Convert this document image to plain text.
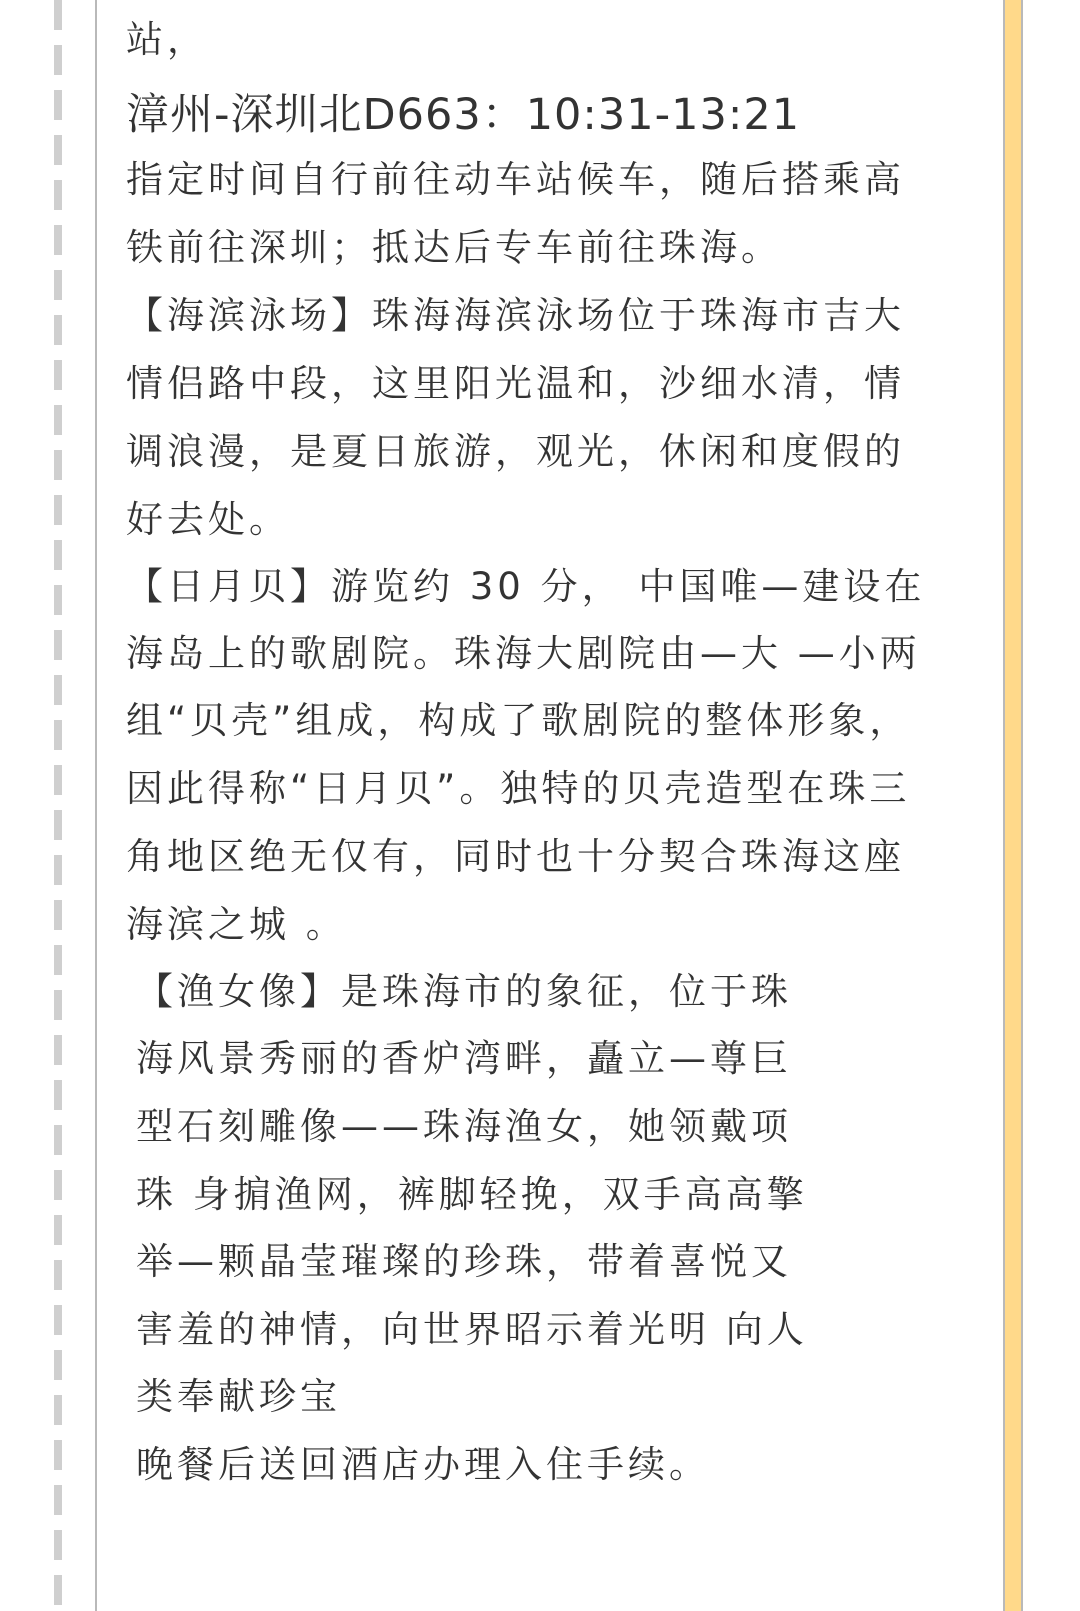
站，
漳州-深圳北D663：10:31-13:21
指定时间自行前往动车站候车，随后搭乘高
铁前往深圳；抵达后专车前往珠海。
【海滨泳场】珠海海滨泳场位于珠海市吉大
情侣路中段，这里阳光温和，沙细水清，情
调浪漫，是夏日旅游，观光，休闲和度假的
好去处。
【日月贝】游览约 30 分， 中国唯—建设在
海岛上的歌剧院。珠海大剧院由—大 —小两
组“贝壳”组成，构成了歌剧院的整体形象，
因此得称“日月贝”。独特的贝壳造型在珠三
角地区绝无仅有，同时也十分契合珠海这座
海滨之城 。
【渔女像】是珠海市的象征，位于珠
海风景秀丽的香炉湾畔，矗立—尊巨
型石刻雕像——珠海渔女，她领戴项
珠 身掮渔网，裤脚轻挽，双手高高擎
举—颗晶莹璀璨的珍珠，带着喜悦又
害羞的神情，向世界昭示着光明 向人
类奉献珍宝
晚餐后送回酒店办理入住手续。
